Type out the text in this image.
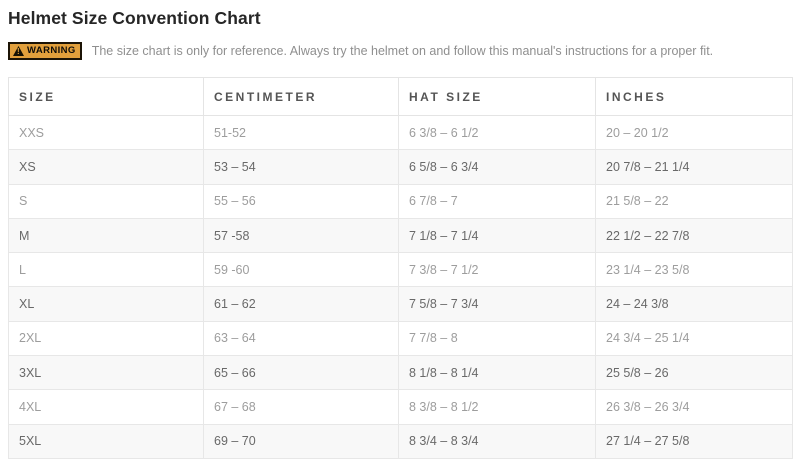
Helmet Size Convention Chart
!
WARNING The size chart is only for reference. Always try the helmet on and follow this manual's instructions for a proper fit.
SIZE	CENTIMETER	HAT SIZE	INCHES
XXS	51-52	6 3/8 – 6 1/2	20 – 20 1/2
XS	53 – 54	6 5/8 – 6 3/4	20 7/8 – 21 1/4
S	55 – 56	6 7/8 – 7	21 5/8 – 22
M	57 -58	7 1/8 – 7 1/4	22 1/2 – 22 7/8
L	59 -60	7 3/8 – 7 1/2	23 1/4 – 23 5/8
XL	61 – 62	7 5/8 – 7 3/4	24 – 24 3/8
2XL	63 – 64	7 7/8 – 8	24 3/4 – 25 1/4
3XL	65 – 66	8 1/8 – 8 1/4	25 5/8 – 26
4XL	67 – 68	8 3/8 – 8 1/2	26 3/8 – 26 3/4
5XL	69 – 70	8 3/4 – 8 3/4	27 1/4 – 27 5/8
